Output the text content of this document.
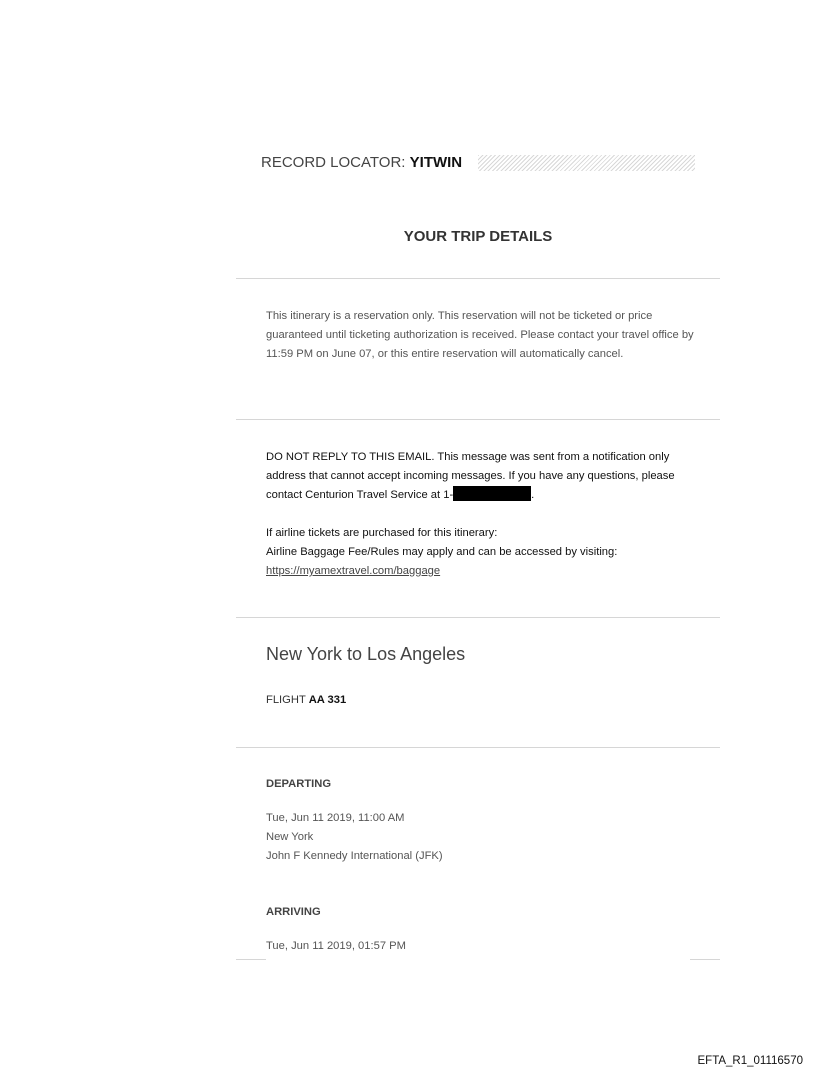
RECORD LOCATOR: YITWIN
YOUR TRIP DETAILS
This itinerary is a reservation only. This reservation will not be ticketed or price guaranteed until ticketing authorization is received. Please contact your travel office by 11:59 PM on June 07, or this entire reservation will automatically cancel.
DO NOT REPLY TO THIS EMAIL. This message was sent from a notification only address that cannot accept incoming messages. If you have any questions, please contact Centurion Travel Service at 1-	.
If airline tickets are purchased for this itinerary:
Airline Baggage Fee/Rules may apply and can be accessed by visiting:
https://myamextravel.com/baggage
New York to Los Angeles
FLIGHT AA 331
DEPARTING
Tue, Jun 11 2019, 11:00 AM
New York
John F Kennedy International (JFK)
ARRIVING
Tue, Jun 11 2019, 01:57 PM
EFTA_R1_01116570
